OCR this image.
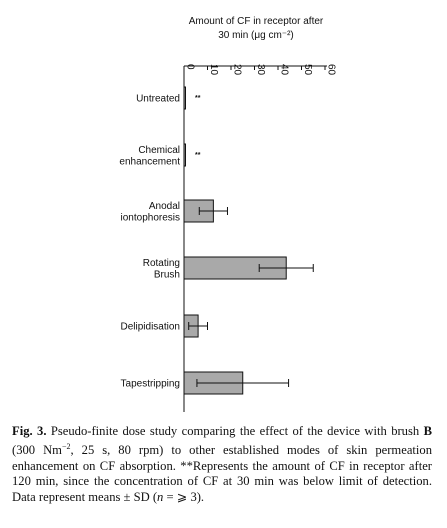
Amount of CF in receptor after
30 min (μg cm⁻²)
0 10 20 30 40 50 60
**
**
Untreated
Chemical
enhancement
Anodal
iontophoresis
Rotating
Brush
Delipidisation
Tapestripping
Fig. 3. Pseudo-finite dose study comparing the effect of the device with brush B (300 $Nm^{-2}$, 25 s, 80 rpm) to other established modes of skin permeation enhancement on CF absorption. **Represents the amount of CF in receptor after 120 min, since the concentration of CF at 30 min was below limit of detection. Data represent means ± SD (n = ⩾ 3).
